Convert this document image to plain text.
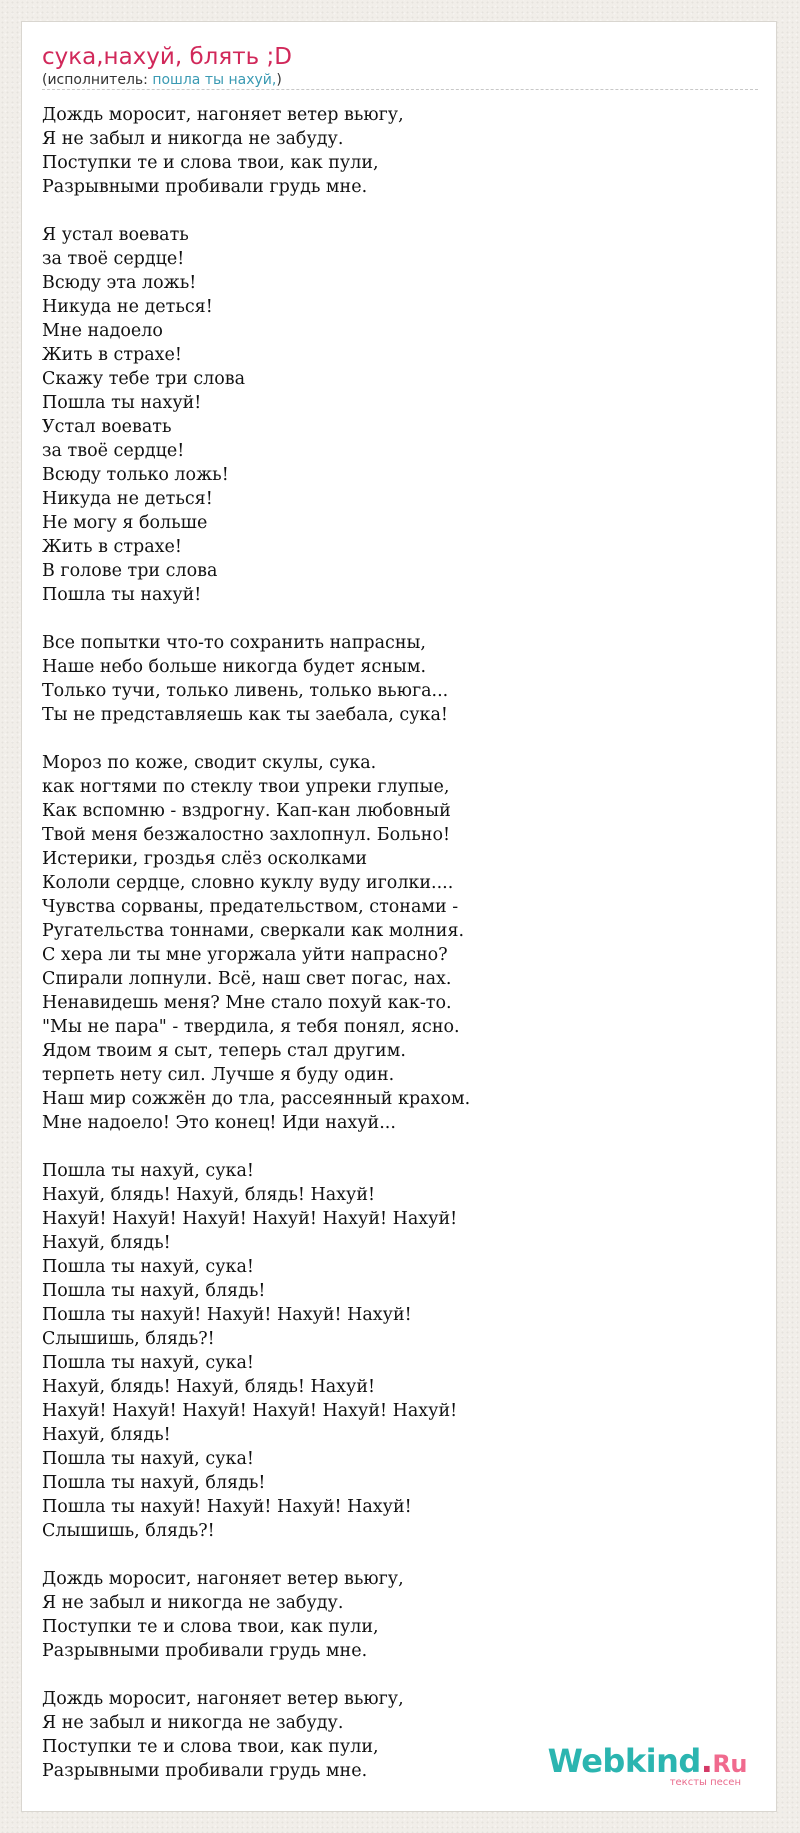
сука,нахуй, блять ;D
(исполнитель: пошла ты нахуй,)
Дождь моросит, нагоняет ветер вьюгу,
Я не забыл и никогда не забуду.
Поступки те и слова твои, как пули,
Разрывными пробивали грудь мне.
Я устал воевать
за твоё сердце!
Всюду эта ложь!
Никуда не деться!
Мне надоело
Жить в страхе!
Скажу тебе три слова
Пошла ты нахуй!
Устал воевать
за твоё сердце!
Всюду только ложь!
Никуда не деться!
Не могу я больше
Жить в страхе!
В голове три слова
Пошла ты нахуй!
Все попытки что-то сохранить напрасны,
Наше небо больше никогда будет ясным.
Только тучи, только ливень, только вьюга...
Ты не представляешь как ты заебала, сука!
Мороз по коже, сводит скулы, сука.
как ногтями по стеклу твои упреки глупые,
Как вспомню - вздрогну. Кап-кан любовный
Твой меня безжалостно захлопнул. Больно!
Истерики, гроздья слёз осколками
Кололи сердце, словно куклу вуду иголки....
Чувства сорваны, предательством, стонами -
Ругательства тоннами, сверкали как молния.
С хера ли ты мне угоржала уйти напрасно?
Спирали лопнули. Всё, наш свет погас, нах.
Ненавидешь меня? Мне стало похуй как-то.
"Мы не пара" - твердила, я тебя понял, ясно.
Ядом твоим я сыт, теперь стал другим.
терпеть нету сил. Лучше я буду один.
Наш мир сожжён до тла, рассеянный крахом.
Мне надоело! Это конец! Иди нахуй...
Пошла ты нахуй, сука!
Нахуй, блядь! Нахуй, блядь! Нахуй!
Нахуй! Нахуй! Нахуй! Нахуй! Нахуй! Нахуй!
Нахуй, блядь!
Пошла ты нахуй, сука!
Пошла ты нахуй, блядь!
Пошла ты нахуй! Нахуй! Нахуй! Нахуй!
Слышишь, блядь?!
Пошла ты нахуй, сука!
Нахуй, блядь! Нахуй, блядь! Нахуй!
Нахуй! Нахуй! Нахуй! Нахуй! Нахуй! Нахуй!
Нахуй, блядь!
Пошла ты нахуй, сука!
Пошла ты нахуй, блядь!
Пошла ты нахуй! Нахуй! Нахуй! Нахуй!
Слышишь, блядь?!
Дождь моросит, нагоняет ветер вьюгу,
Я не забыл и никогда не забуду.
Поступки те и слова твои, как пули,
Разрывными пробивали грудь мне.
Дождь моросит, нагоняет ветер вьюгу,
Я не забыл и никогда не забуду.
Поступки те и слова твои, как пули,
Разрывными пробивали грудь мне.	Webkind.Ru
тексты песен
